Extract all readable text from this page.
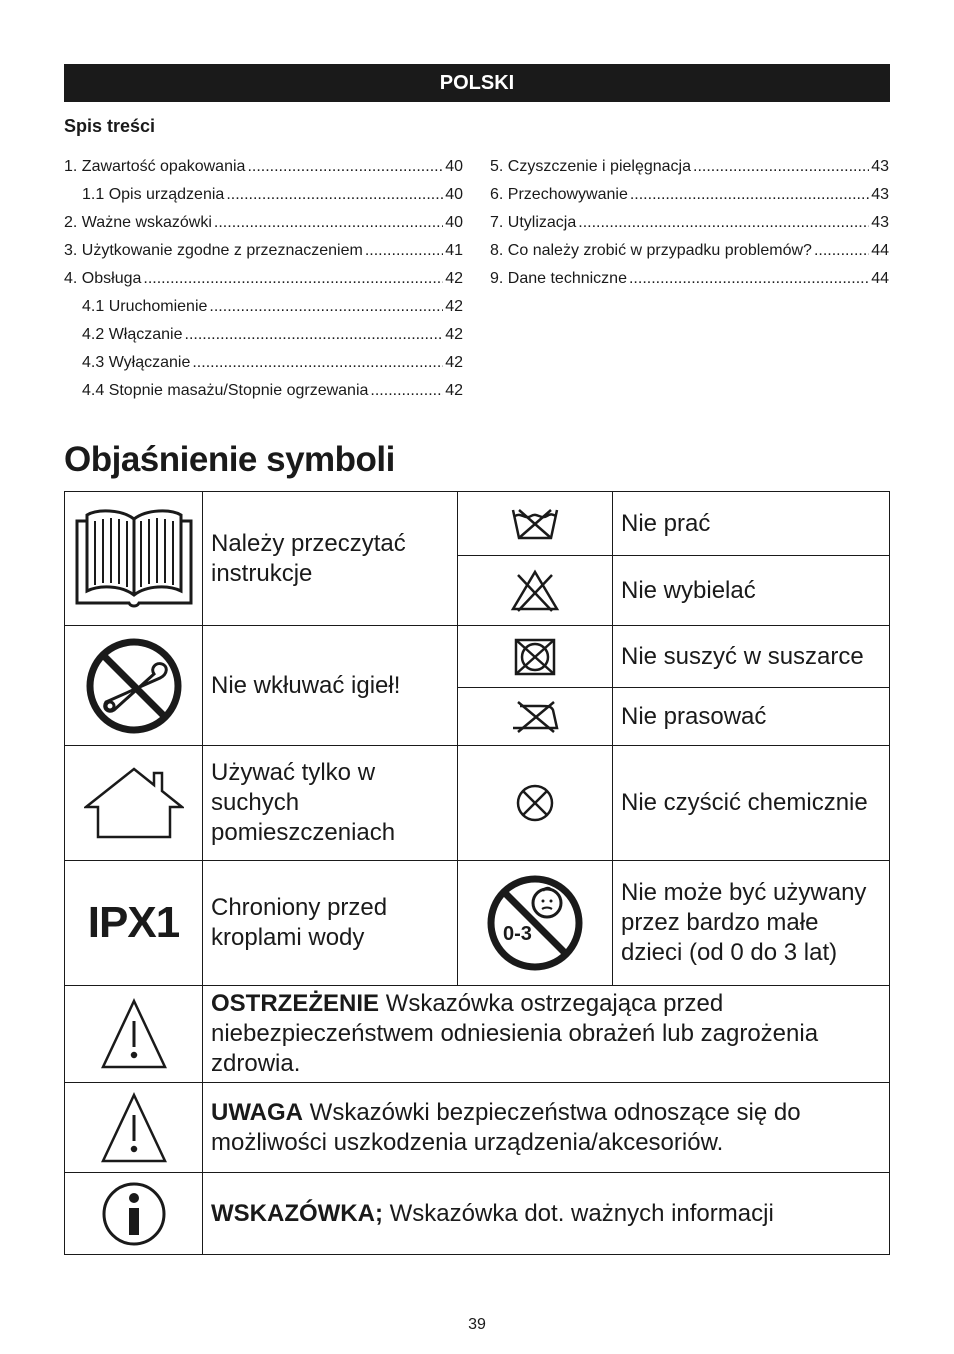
POLSKI
Spis treści
1. Zawartość opakowania .....	40
1.1 Opis urządzenia .....	40
2. Ważne wskazówki .....	40
3. Użytkowanie zgodne z przeznaczeniem .....	41
4. Obsługa .....	42
4.1 Uruchomienie .....	42
4.2 Włączanie .....	42
4.3 Wyłączanie .....	42
4.4 Stopnie masażu/Stopnie ogrzewania .....	42
5. Czyszczenie i pielęgnacja .....	43
6. Przechowywanie .....	43
7. Utylizacja .....	43
8. Co należy zrobić w przypadku problemów? .....	44
9. Dane techniczne .....	44
Objaśnienie symboli
	Należy przeczytać instrukcje		Nie prać

	Nie wybielać

	Nie wkłuwać igieł!		Nie suszyć w suszarce

	Nie prasować

	Używać tylko w suchych pomieszczeniach		Nie czyścić chemicznie
IPX1	Chroniony przed kroplami wody	0-3	Nie może być używany przez bardzo małe dzieci (od 0 do 3 lat)

	OSTRZEŻENIE Wskazówka ostrzegająca przed niebezpieczeństwem odniesienia obrażeń lub zagrożenia zdrowia.		

	UWAGA Wskazówki bezpieczeństwa odnoszące się do możliwości uszkodzenia urządzenia/akcesoriów.		

	WSKAZÓWKA; Wskazówka dot. ważnych informacji		
39
